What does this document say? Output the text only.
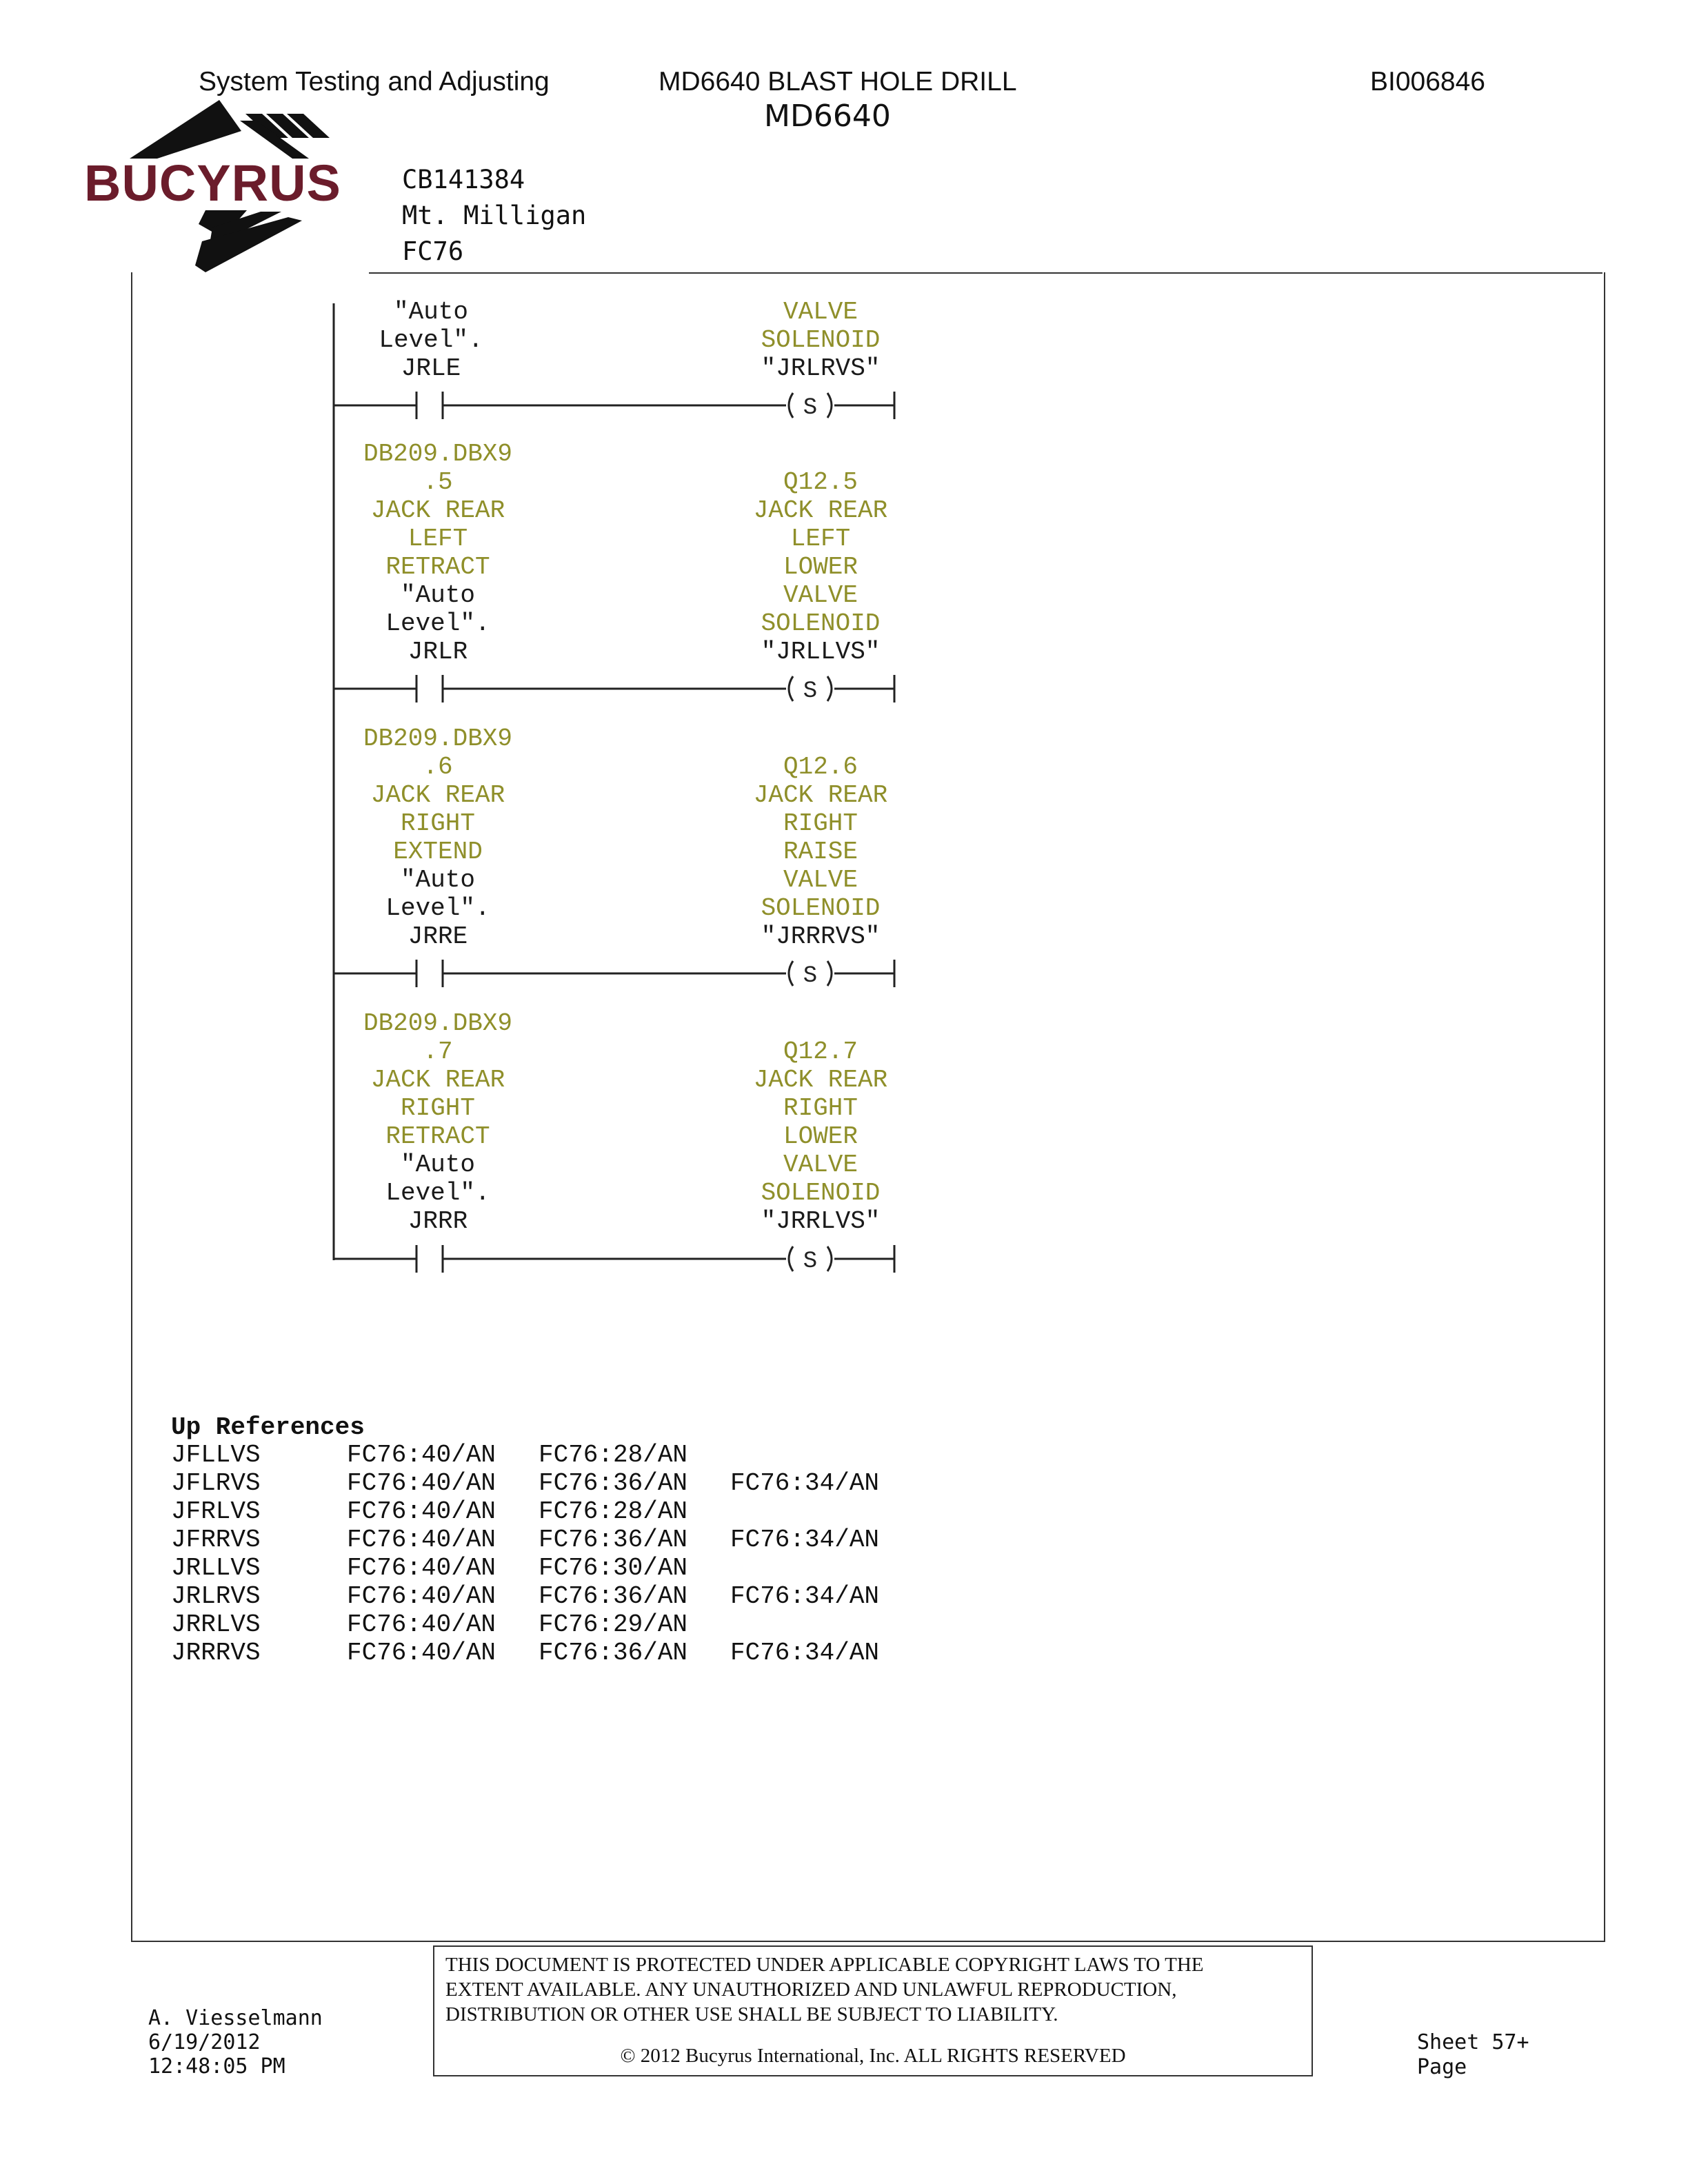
System Testing and Adjusting	MD6640 BLAST HOLE DRILL
MD6640
BI006846
BUCYRUS CB141384
Mt. Milligan
FC76
S
S
S
S
"Auto
Level".
JRLE
VALVE
SOLENOID
"JRLRVS"
DB209.DBX9
.5
JACK REAR
LEFT
RETRACT
"Auto
Level".
JRLR
Q12.5
JACK REAR
LEFT
LOWER
VALVE
SOLENOID
"JRLLVS"
DB209.DBX9
.6
JACK REAR
RIGHT
EXTEND
"Auto
Level".
JRRE
Q12.6
JACK REAR
RIGHT
RAISE
VALVE
SOLENOID
"JRRRVS"
DB209.DBX9
.7
JACK REAR
RIGHT
RETRACT
"Auto
Level".
JRRR
Q12.7
JACK REAR
RIGHT
LOWER
VALVE
SOLENOID
"JRRLVS"
Up References
JFLLVS	FC76:40/AN FC76:28/AN
JFLRVS	FC76:40/AN FC76:36/AN FC76:34/AN
JFRLVS	FC76:40/AN FC76:28/AN
JFRRVS	FC76:40/AN FC76:36/AN FC76:34/AN
JRLLVS	FC76:40/AN FC76:30/AN
JRLRVS	FC76:40/AN FC76:36/AN FC76:34/AN
JRRLVS	FC76:40/AN FC76:29/AN
JRRRVS	FC76:40/AN FC76:36/AN FC76:34/AN
A. Viesselmann
6/19/2012
12:48:05 PM
THIS DOCUMENT IS PROTECTED UNDER APPLICABLE COPYRIGHT LAWS TO THE
EXTENT AVAILABLE. ANY UNAUTHORIZED AND UNLAWFUL REPRODUCTION,
DISTRIBUTION OR OTHER USE SHALL BE SUBJECT TO LIABILITY.
© 2012 Bucyrus International, Inc. ALL RIGHTS RESERVED
Sheet 57+
Page
